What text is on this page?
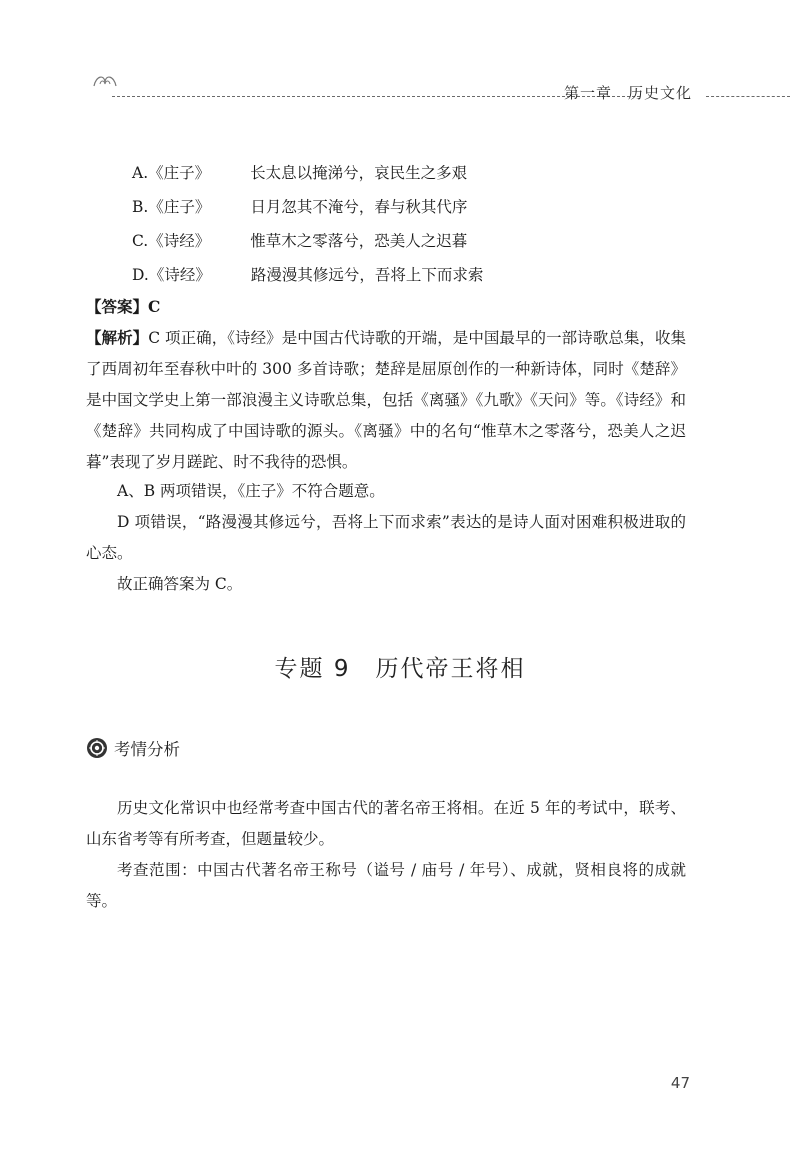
第一章　历史文化
A.《庄子》	长太息以掩涕兮，哀民生之多艰
B.《庄子》	日月忽其不淹兮，春与秋其代序
C.《诗经》	惟草木之零落兮，恐美人之迟暮
D.《诗经》	路漫漫其修远兮，吾将上下而求索
【答案】C
【解析】C 项正确，《诗经》是中国古代诗歌的开端，是中国最早的一部诗歌总集，收集了西周初年至春秋中叶的 300 多首诗歌；楚辞是屈原创作的一种新诗体，同时《楚辞》是中国文学史上第一部浪漫主义诗歌总集，包括《离骚》《九歌》《天问》等。《诗经》和《楚辞》共同构成了中国诗歌的源头。《离骚》中的名句“惟草木之零落兮，恐美人之迟暮”表现了岁月蹉跎、时不我待的恐惧。
A、B 两项错误，《庄子》不符合题意。
D 项错误，“路漫漫其修远兮，吾将上下而求索”表达的是诗人面对困难积极进取的心态。
故正确答案为 C。
专题 9　历代帝王将相
考情分析
历史文化常识中也经常考查中国古代的著名帝王将相。在近 5 年的考试中，联考、山东省考等有所考查，但题量较少。
考查范围：中国古代著名帝王称号（谥号 / 庙号 / 年号）、成就，贤相良将的成就等。
47
